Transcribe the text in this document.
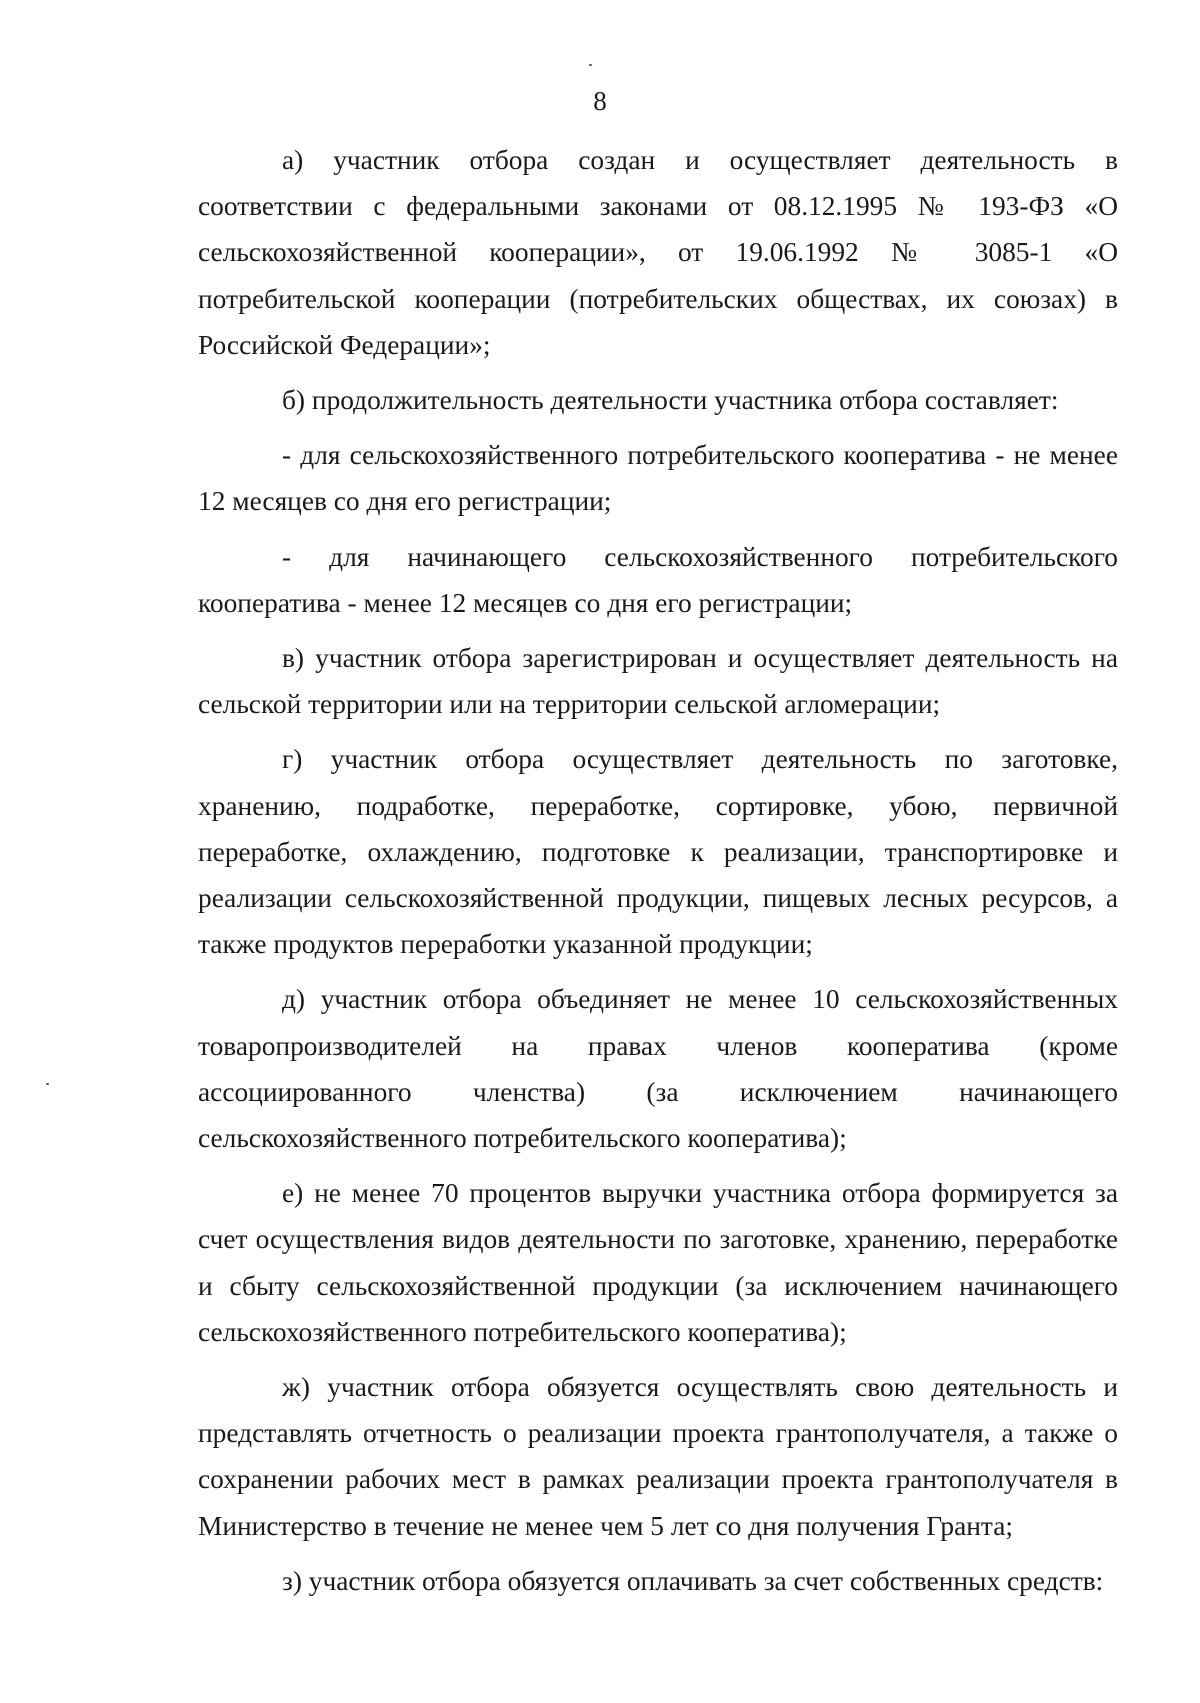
8

а) участник отбора создан и осуществляет деятельность в соответствии с федеральными законами от 08.12.1995 № 193-ФЗ «О сельскохозяйственной кооперации», от 19.06.1992 № 3085-1 «О потребительской кооперации (потребительских обществах, их союзах) в Российской Федерации»;

б) продолжительность деятельности участника отбора составляет:

- для сельскохозяйственного потребительского кооператива - не менее 12 месяцев со дня его регистрации;

- для начинающего сельскохозяйственного потребительского кооператива - менее 12 месяцев со дня его регистрации;

в) участник отбора зарегистрирован и осуществляет деятельность на сельской территории или на территории сельской агломерации;

г) участник отбора осуществляет деятельность по заготовке, хранению, подработке, переработке, сортировке, убою, первичной переработке, охлаждению, подготовке к реализации, транспортировке и реализации сельскохозяйственной продукции, пищевых лесных ресурсов, а также продуктов переработки указанной продукции;

д) участник отбора объединяет не менее 10 сельскохозяйственных товаропроизводителей на правах членов кооператива (кроме ассоциированного членства) (за исключением начинающего сельскохозяйственного потребительского кооператива);

е) не менее 70 процентов выручки участника отбора формируется за счет осуществления видов деятельности по заготовке, хранению, переработке и сбыту сельскохозяйственной продукции (за исключением начинающего сельскохозяйственного потребительского кооператива);

ж) участник отбора обязуется осуществлять свою деятельность и представлять отчетность о реализации проекта грантополучателя, а также о сохранении рабочих мест в рамках реализации проекта грантополучателя в Министерство в течение не менее чем 5 лет со дня получения Гранта;

з) участник отбора обязуется оплачивать за счет собственных средств:
